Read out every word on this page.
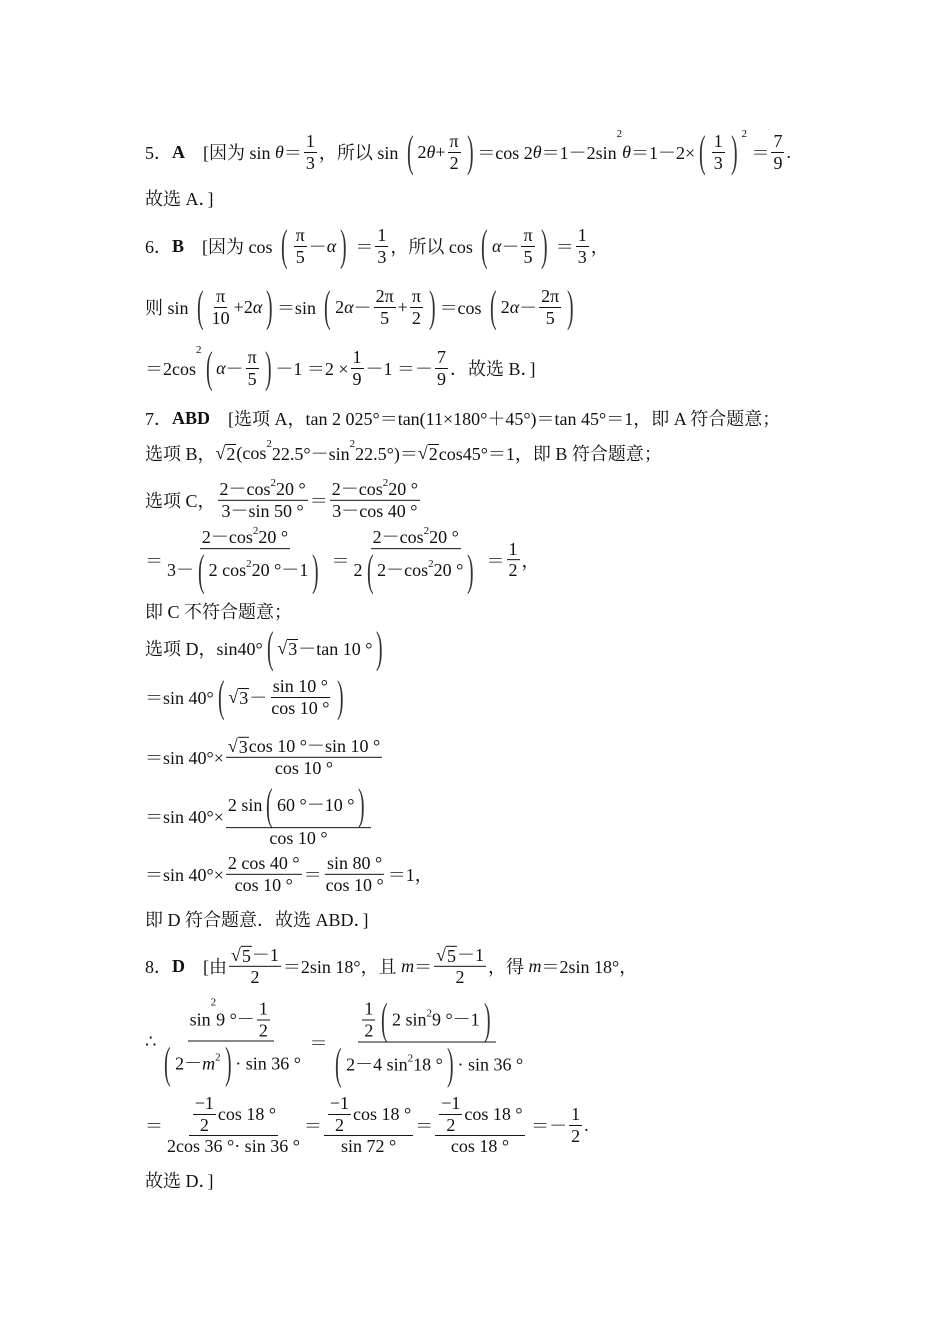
5． A 　[因为 $\sin \theta = \frac{1}{3}$ ，所以 sin ( 2 $\theta + \frac{\pi}{2}$ ) ＝cos 2 θ ＝1－2sin
2
θ ＝1－2× ( $\frac{1}{3}$ ) 2
＝ $\frac{7}{9}$ .
故选 A．]
6． B 　[因为 cos ( $\frac{\pi}{5} - \alpha$ ) ＝ $\frac{1}{3}$ ，所以 cos ( $\alpha - \frac{\pi}{5}$ ) ＝ $\frac{1}{3}$ ，
则 sin ( $\frac{\pi}{10} +2$ α ) ＝sin ( 2 $\alpha - \frac{2\pi}{5} + \frac{\pi}{2}$ ) ＝cos ( 2 $\alpha - \frac{2\pi}{5}$ )
＝2cos
2 ( $\alpha - \frac{\pi}{5}$ ) $-1 =2 \times \frac{1}{9} -1 =- \frac{7}{9}$ ．故选 B．]
7． ABD 　[选项 A，tan 2 025°＝tan(11×180°＋45°)＝tan 45°＝1，即 A 符合题意；
选项 B， √ 2 (cos 2 22.5°－sin 2 22.5°)＝ √ 2 cos45°＝1，即 B 符合题意；
选项 C， $\frac{2-\cos 2 20 ^\circ}{3-\sin 50 ^\circ} = \frac{2-\cos 2 20 ^\circ}{3-\cos 40 ^\circ}$
＝ $\frac{2-\cos 2 20 ^\circ}{3- ( 2 \cos 2 20 ^\circ-1 )} = \frac{2-\cos 2 20 ^\circ}{2 ( 2-\cos 2 20 ^\circ )} = \frac{1}{2}$ ，
即 C 不符合题意；
选项 D，sin40° ( √ 3 －tan 10 ° )
＝sin 40° ( √ $3 - \frac{\sin 10 ^\circ}{\cos 10 ^\circ}$ )
＝sin $40^\circ\times \frac{√ 3 \cos 10 ^\circ-\sin 10 ^\circ}{\cos 10 ^\circ}$
＝sin $40^\circ\times \frac{2 \sin ( 60 ^\circ-10 ^\circ )}{\cos 10 ^\circ}$
＝sin $40^\circ\times \frac{2 \cos 40 ^\circ}{\cos 10 ^\circ} = \frac{\sin 80 ^\circ}{\cos 10 ^\circ} =1$，
即 D 符合题意．故选 ABD．]
8． D 　[由 $\frac{√ 5 -1}{2} =2\sin$ 18°，且 $m = \frac{√ 5 -1}{2}$ ，得 m ＝2sin 18°，
∴ sin
2
9 °－ $\frac{1}{2}$
( 2－ m 2 ) · sin 36 ° ＝ $\frac{\frac{1}{2} ( 2 \sin 2 9 ^\circ-1 )}{( 2-4 \sin 2 18 ^\circ ) \cdot \sin 36 ^\circ}$
＝ $\frac{\frac{-1}{2} \cos 18 ^\circ}{2\cos 36 ^\circ\cdot \sin 36 ^\circ} = \frac{\frac{-1}{2} \cos 18 ^\circ}{\sin 72 ^\circ} = \frac{\frac{-1}{2} \cos 18 ^\circ}{\cos 18 ^\circ} =- \frac{1}{2}$ .
故选 D．]
